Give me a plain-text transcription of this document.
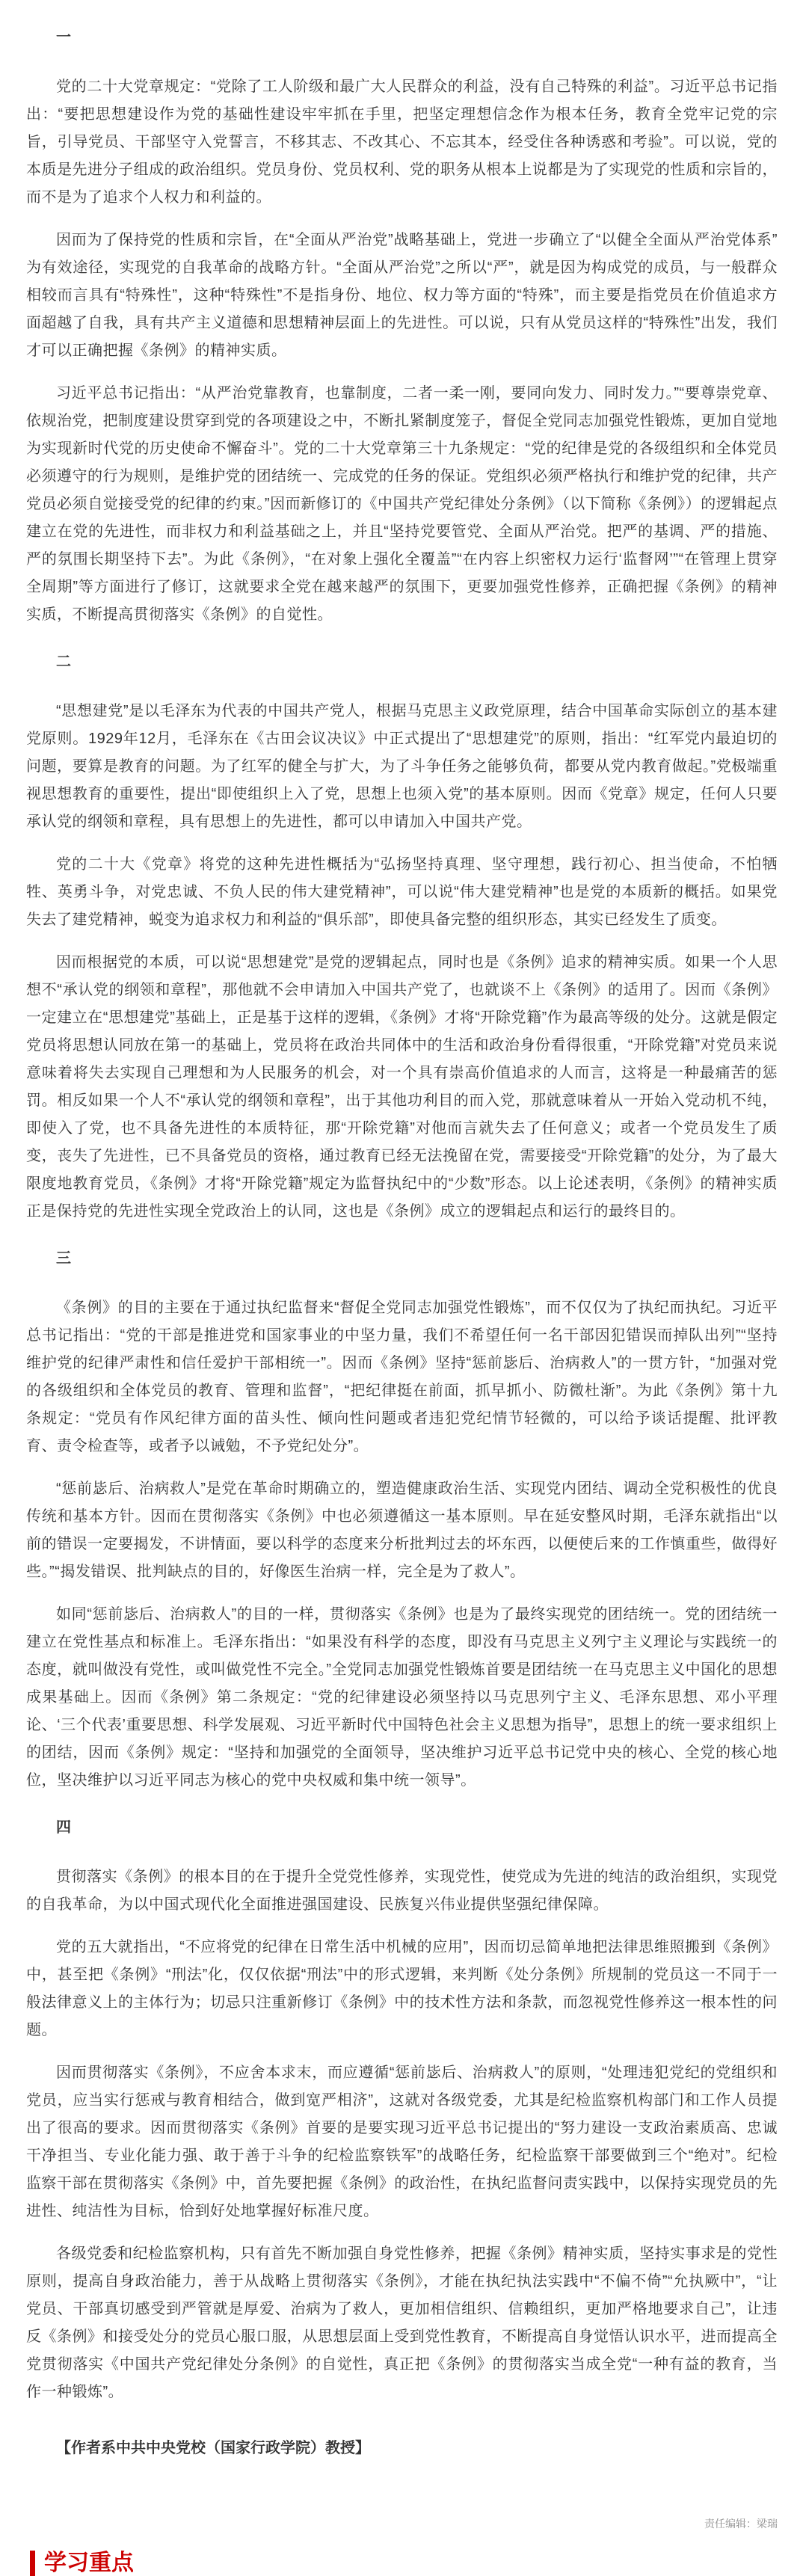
一

党的二十大党章规定：“党除了工人阶级和最广大人民群众的利益，没有自己特殊的利益”。习近平总书记指出：“要把思想建设作为党的基础性建设牢牢抓在手里，把坚定理想信念作为根本任务，教育全党牢记党的宗旨，引导党员、干部坚守入党誓言，不移其志、不改其心、不忘其本，经受住各种诱惑和考验”。可以说，党的本质是先进分子组成的政治组织。党员身份、党员权利、党的职务从根本上说都是为了实现党的性质和宗旨的，而不是为了追求个人权力和利益的。

因而为了保持党的性质和宗旨，在“全面从严治党”战略基础上，党进一步确立了“以健全全面从严治党体系”为有效途径，实现党的自我革命的战略方针。“全面从严治党”之所以“严”，就是因为构成党的成员，与一般群众相较而言具有“特殊性”，这种“特殊性”不是指身份、地位、权力等方面的“特殊”，而主要是指党员在价值追求方面超越了自我，具有共产主义道德和思想精神层面上的先进性。可以说，只有从党员这样的“特殊性”出发，我们才可以正确把握《条例》的精神实质。

习近平总书记指出：“从严治党靠教育，也靠制度，二者一柔一刚，要同向发力、同时发力。”“要尊崇党章、依规治党，把制度建设贯穿到党的各项建设之中，不断扎紧制度笼子，督促全党同志加强党性锻炼，更加自觉地为实现新时代党的历史使命不懈奋斗”。党的二十大党章第三十九条规定：“党的纪律是党的各级组织和全体党员必须遵守的行为规则，是维护党的团结统一、完成党的任务的保证。党组织必须严格执行和维护党的纪律，共产党员必须自觉接受党的纪律的约束。”因而新修订的《中国共产党纪律处分条例》（以下简称《条例》）的逻辑起点建立在党的先进性，而非权力和利益基础之上，并且“坚持党要管党、全面从严治党。把严的基调、严的措施、严的氛围长期坚持下去”。为此《条例》，“在对象上强化全覆盖”“在内容上织密权力运行‘监督网’”“在管理上贯穿全周期”等方面进行了修订，这就要求全党在越来越严的氛围下，更要加强党性修养，正确把握《条例》的精神实质，不断提高贯彻落实《条例》的自觉性。

二

“思想建党”是以毛泽东为代表的中国共产党人，根据马克思主义政党原理，结合中国革命实际创立的基本建党原则。1929年12月，毛泽东在《古田会议决议》中正式提出了“思想建党”的原则，指出：“红军党内最迫切的问题，要算是教育的问题。为了红军的健全与扩大，为了斗争任务之能够负荷，都要从党内教育做起。”党极端重视思想教育的重要性，提出“即使组织上入了党，思想上也须入党”的基本原则。因而《党章》规定，任何人只要承认党的纲领和章程，具有思想上的先进性，都可以申请加入中国共产党。

党的二十大《党章》将党的这种先进性概括为“弘扬坚持真理、坚守理想，践行初心、担当使命，不怕牺牲、英勇斗争，对党忠诚、不负人民的伟大建党精神”，可以说“伟大建党精神”也是党的本质新的概括。如果党失去了建党精神，蜕变为追求权力和利益的“俱乐部”，即使具备完整的组织形态，其实已经发生了质变。

因而根据党的本质，可以说“思想建党”是党的逻辑起点，同时也是《条例》追求的精神实质。如果一个人思想不“承认党的纲领和章程”，那他就不会申请加入中国共产党了，也就谈不上《条例》的适用了。因而《条例》一定建立在“思想建党”基础上，正是基于这样的逻辑，《条例》才将“开除党籍”作为最高等级的处分。这就是假定党员将思想认同放在第一的基础上，党员将在政治共同体中的生活和政治身份看得很重，“开除党籍”对党员来说意味着将失去实现自己理想和为人民服务的机会，对一个具有崇高价值追求的人而言，这将是一种最痛苦的惩罚。相反如果一个人不“承认党的纲领和章程”，出于其他功利目的而入党，那就意味着从一开始入党动机不纯，即使入了党，也不具备先进性的本质特征，那“开除党籍”对他而言就失去了任何意义；或者一个党员发生了质变，丧失了先进性，已不具备党员的资格，通过教育已经无法挽留在党，需要接受“开除党籍”的处分，为了最大限度地教育党员，《条例》才将“开除党籍”规定为监督执纪中的“少数”形态。以上论述表明，《条例》的精神实质正是保持党的先进性实现全党政治上的认同，这也是《条例》成立的逻辑起点和运行的最终目的。

三

《条例》的目的主要在于通过执纪监督来“督促全党同志加强党性锻炼”，而不仅仅为了执纪而执纪。习近平总书记指出：“党的干部是推进党和国家事业的中坚力量，我们不希望任何一名干部因犯错误而掉队出列”“坚持维护党的纪律严肃性和信任爱护干部相统一”。因而《条例》坚持“惩前毖后、治病救人”的一贯方针，“加强对党的各级组织和全体党员的教育、管理和监督”，“把纪律挺在前面，抓早抓小、防微杜渐”。为此《条例》第十九条规定：“党员有作风纪律方面的苗头性、倾向性问题或者违犯党纪情节轻微的，可以给予谈话提醒、批评教育、责令检查等，或者予以诫勉，不予党纪处分”。

“惩前毖后、治病救人”是党在革命时期确立的，塑造健康政治生活、实现党内团结、调动全党积极性的优良传统和基本方针。因而在贯彻落实《条例》中也必须遵循这一基本原则。早在延安整风时期，毛泽东就指出“以前的错误一定要揭发，不讲情面，要以科学的态度来分析批判过去的坏东西，以便使后来的工作慎重些，做得好些。”“揭发错误、批判缺点的目的，好像医生治病一样，完全是为了救人”。

如同“惩前毖后、治病救人”的目的一样，贯彻落实《条例》也是为了最终实现党的团结统一。党的团结统一建立在党性基点和标准上。毛泽东指出：“如果没有科学的态度，即没有马克思主义列宁主义理论与实践统一的态度，就叫做没有党性，或叫做党性不完全。”全党同志加强党性锻炼首要是团结统一在马克思主义中国化的思想成果基础上。因而《条例》第二条规定：“党的纪律建设必须坚持以马克思列宁主义、毛泽东思想、邓小平理论、‘三个代表’重要思想、科学发展观、习近平新时代中国特色社会主义思想为指导”，思想上的统一要求组织上的团结，因而《条例》规定：“坚持和加强党的全面领导，坚决维护习近平总书记党中央的核心、全党的核心地位，坚决维护以习近平同志为核心的党中央权威和集中统一领导”。

四

贯彻落实《条例》的根本目的在于提升全党党性修养，实现党性，使党成为先进的纯洁的政治组织，实现党的自我革命，为以中国式现代化全面推进强国建设、民族复兴伟业提供坚强纪律保障。

党的五大就指出，“不应将党的纪律在日常生活中机械的应用”，因而切忌简单地把法律思维照搬到《条例》中，甚至把《条例》“刑法”化，仅仅依据“刑法”中的形式逻辑，来判断《处分条例》所规制的党员这一不同于一般法律意义上的主体行为；切忌只注重新修订《条例》中的技术性方法和条款，而忽视党性修养这一根本性的问题。

因而贯彻落实《条例》，不应舍本求末，而应遵循“惩前毖后、治病救人”的原则，“处理违犯党纪的党组织和党员，应当实行惩戒与教育相结合，做到宽严相济”，这就对各级党委，尤其是纪检监察机构部门和工作人员提出了很高的要求。因而贯彻落实《条例》首要的是要实现习近平总书记提出的“努力建设一支政治素质高、忠诚干净担当、专业化能力强、敢于善于斗争的纪检监察铁军”的战略任务，纪检监察干部要做到三个“绝对”。纪检监察干部在贯彻落实《条例》中，首先要把握《条例》的政治性，在执纪监督问责实践中，以保持实现党员的先进性、纯洁性为目标，恰到好处地掌握好标准尺度。

各级党委和纪检监察机构，只有首先不断加强自身党性修养，把握《条例》精神实质，坚持实事求是的党性原则，提高自身政治能力，善于从战略上贯彻落实《条例》，才能在执纪执法实践中“不偏不倚”“允执厥中”，“让党员、干部真切感受到严管就是厚爱、治病为了救人，更加相信组织、信赖组织，更加严格地要求自己”，让违反《条例》和接受处分的党员心服口服，从思想层面上受到党性教育，不断提高自身觉悟认识水平，进而提高全党贯彻落实《中国共产党纪律处分条例》的自觉性，真正把《条例》的贯彻落实当成全党“一种有益的教育，当作一种锻炼”。

【作者系中共中央党校（国家行政学院）教授】
责任编辑：梁瑞
学习重点
